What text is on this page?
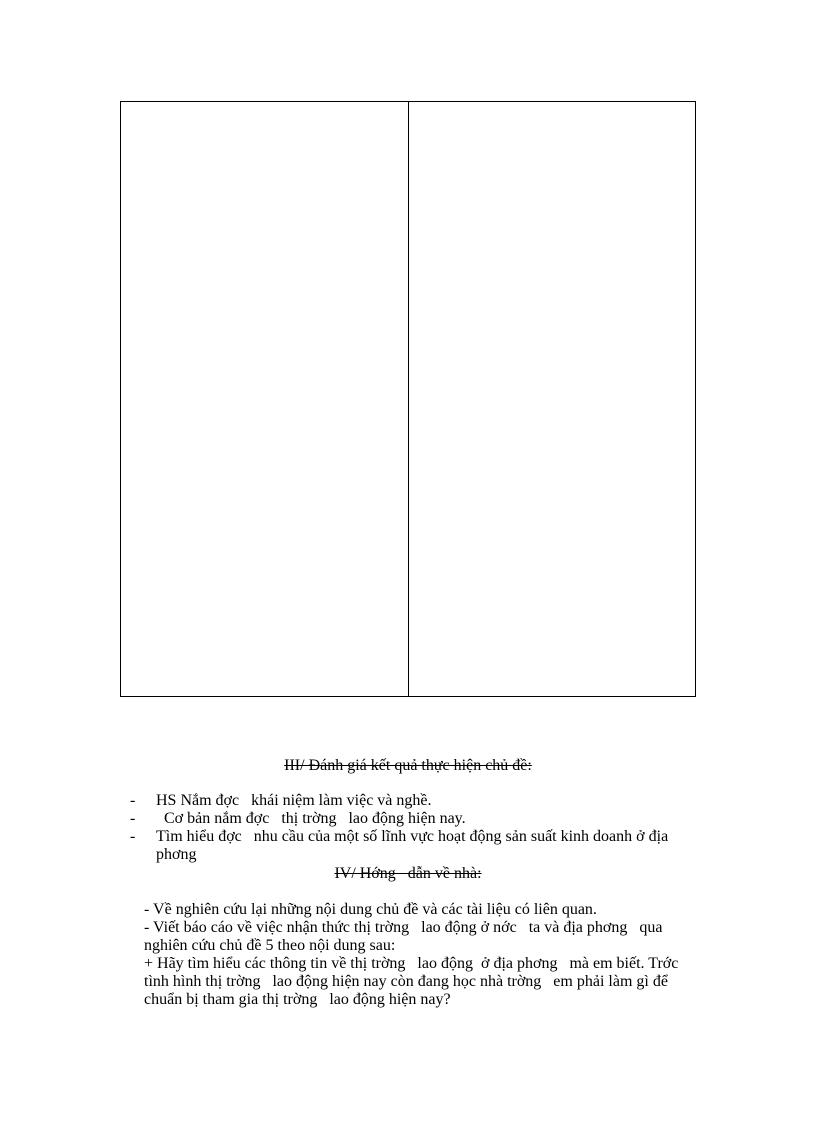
III/ Đánh giá kết quả thực hiện chủ đề:
- HS Nắm đợc   khái niệm làm việc và nghề.
- Cơ bản nắm đợc   thị trờng   lao động hiện nay.
- Tìm hiểu đợc   nhu cầu của một số lĩnh vực hoạt động sản suất kinh doanh ở địa phơng
IV/ Hớng   dẫn về nhà:

- Về nghiên cứu lại những nội dung chủ đề và các tài liệu có liên quan.

- Viết báo cáo về việc nhận thức thị trờng   lao động ở nớc   ta và địa phơng   qua nghiên cứu chủ đề 5 theo nội dung sau:

+ Hãy tìm hiểu các thông tin về thị trờng   lao động  ở địa phơng   mà em biết. Trớc   tình hình thị trờng   lao động hiện nay còn đang học nhà trờng   em phải làm gì để chuẩn bị tham gia thị trờng   lao động hiện nay?
